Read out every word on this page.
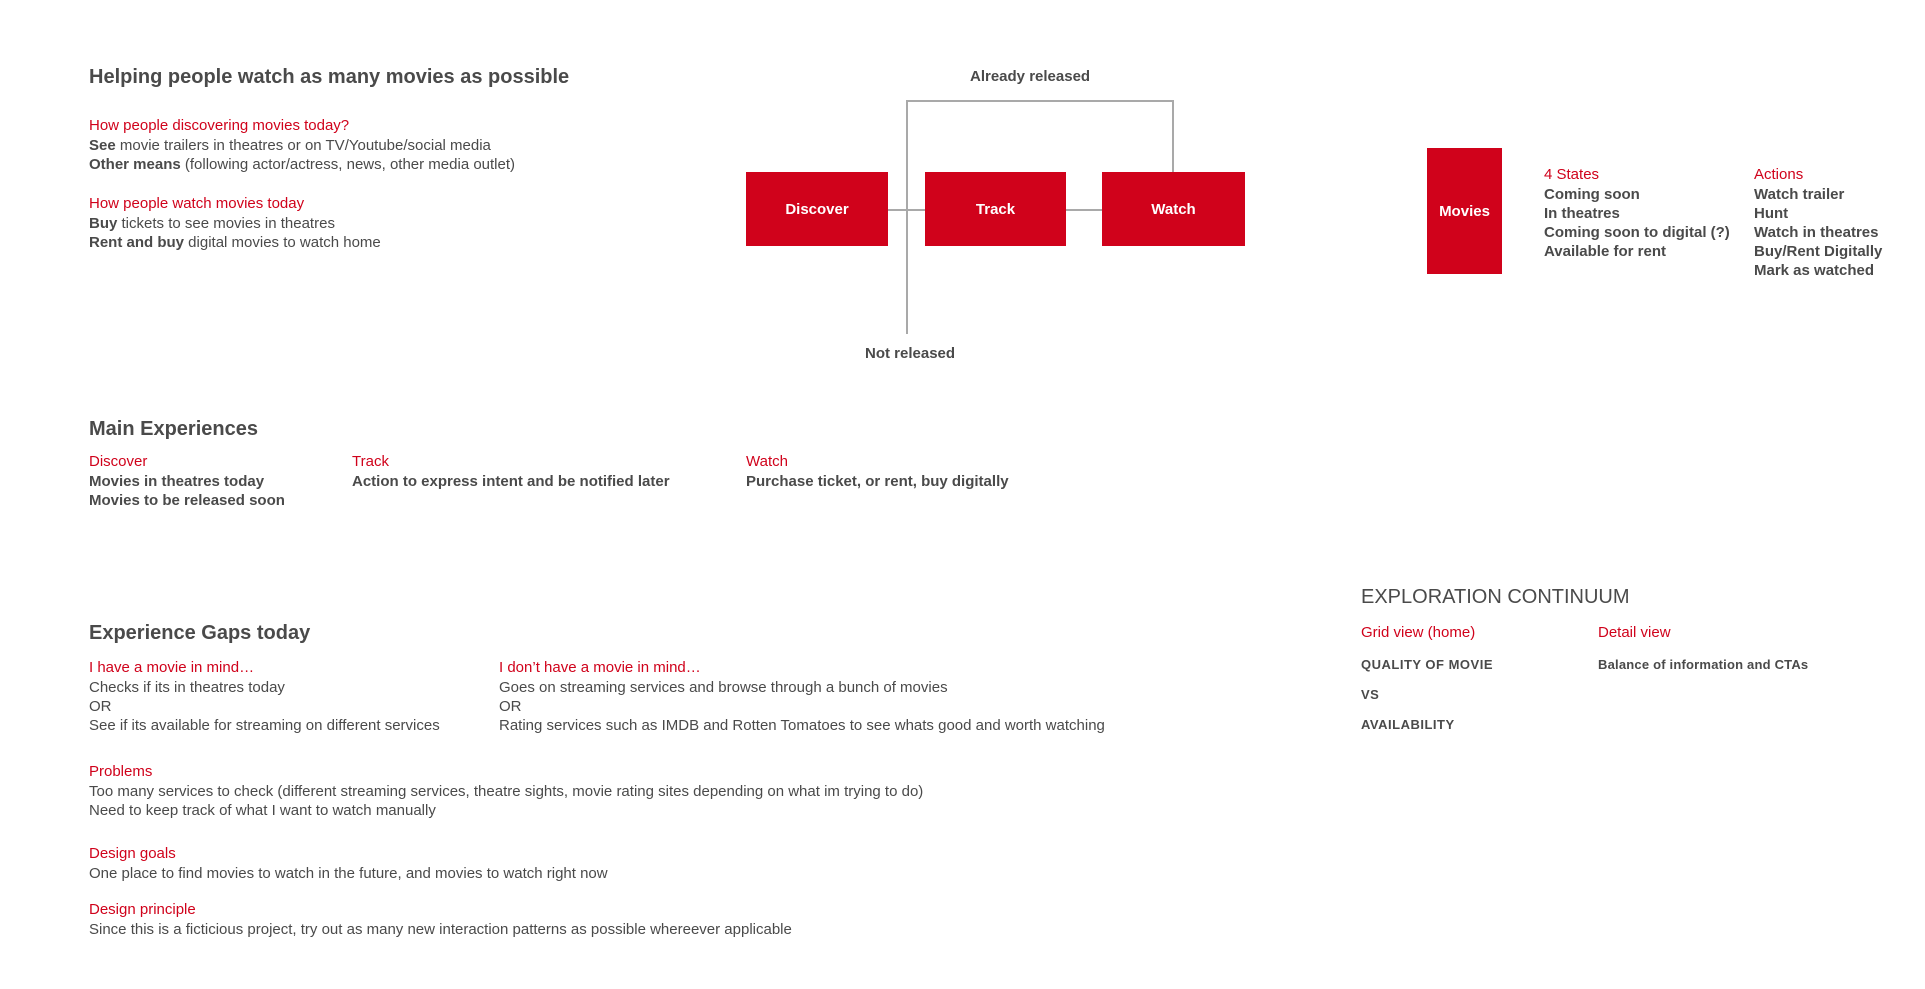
Helping people watch as many movies as possible
How people discovering movies today?
See movie trailers in theatres or on TV/Youtube/social media
Other means (following actor/actress, news, other media outlet)
How people watch movies today
Buy tickets to see movies in theatres
Rent and buy digital movies to watch home
Already released
Discover	Track	Watch
Not released
Movies
4 States
Coming soon
In theatres
Coming soon to digital (?)
Available for rent
Actions
Watch trailer
Hunt
Watch in theatres
Buy/Rent Digitally
Mark as watched
Main Experiences
Discover
Movies in theatres today
Movies to be released soon
Track
Action to express intent and be notified later
Watch
Purchase ticket, or rent, buy digitally
Experience Gaps today
I have a movie in mind…
Checks if its in theatres today
OR
See if its available for streaming on different services
I don’t have a movie in mind…
Goes on streaming services and browse through a bunch of movies
OR
Rating services such as IMDB and Rotten Tomatoes to see whats good and worth watching
Problems
Too many services to check (different streaming services, theatre sights, movie rating sites depending on what im trying to do)
Need to keep track of what I want to watch manually
Design goals
One place to find movies to watch in the future, and movies to watch right now
Design principle
Since this is a ficticious project, try out as many new interaction patterns as possible whereever applicable
EXPLORATION CONTINUUM
Grid view (home)
QUALITY OF MOVIE
VS
AVAILABILITY
Detail view
Balance of information and CTAs
